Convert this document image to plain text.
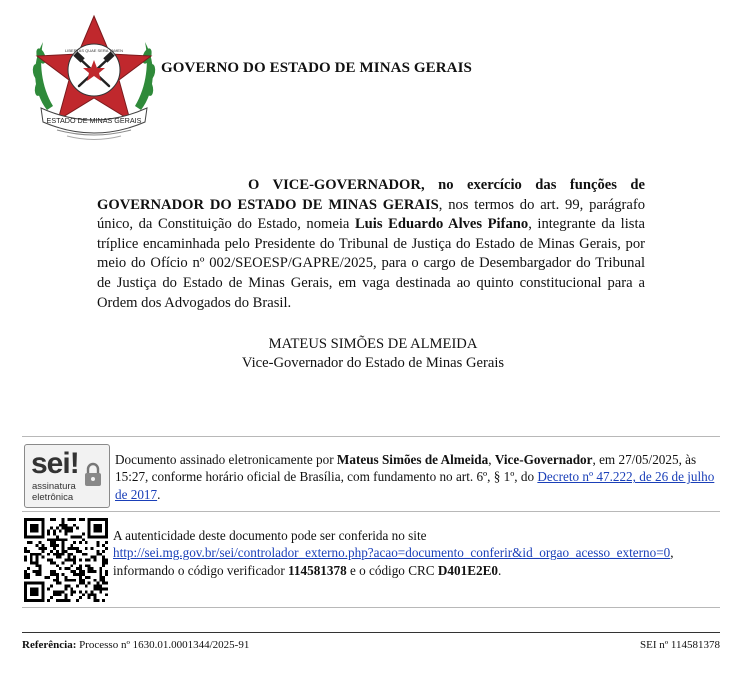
LIBERTAS QUAE SERA TAMEN
ESTADO DE MINAS GERAIS
GOVERNO DO ESTADO DE MINAS GERAIS
O VICE-GOVERNADOR, no exercício das funções de GOVERNADOR DO ESTADO DE MINAS GERAIS, nos termos do art. 99, parágrafo único, da Constituição do Estado, nomeia Luis Eduardo Alves Pifano, integrante da lista tríplice encaminhada pelo Presidente do Tribunal de Justiça do Estado de Minas Gerais, por meio do Ofício nº 002/SEOESP/GAPRE/2025, para o cargo de Desembargador do Tribunal de Justiça do Estado de Minas Gerais, em vaga destinada ao quinto constitucional para a Ordem dos Advogados do Brasil.
MATEUS SIMÕES DE ALMEIDA
Vice-Governador do Estado de Minas Gerais
sei!
assinatura
eletrônica
Documento assinado eletronicamente por Mateus Simões de Almeida, Vice-Governador, em 27/05/2025, às 15:27, conforme horário oficial de Brasília, com fundamento no art. 6º, § 1º, do Decreto nº 47.222, de 26 de julho de 2017.
A autenticidade deste documento pode ser conferida no site
http://sei.mg.gov.br/sei/controlador_externo.php?acao=documento_conferir&id_orgao_acesso_externo=0, informando o código verificador 114581378 e o código CRC D401E2E0.
Referência: Processo nº 1630.01.0001344/2025-91	SEI nº 114581378
